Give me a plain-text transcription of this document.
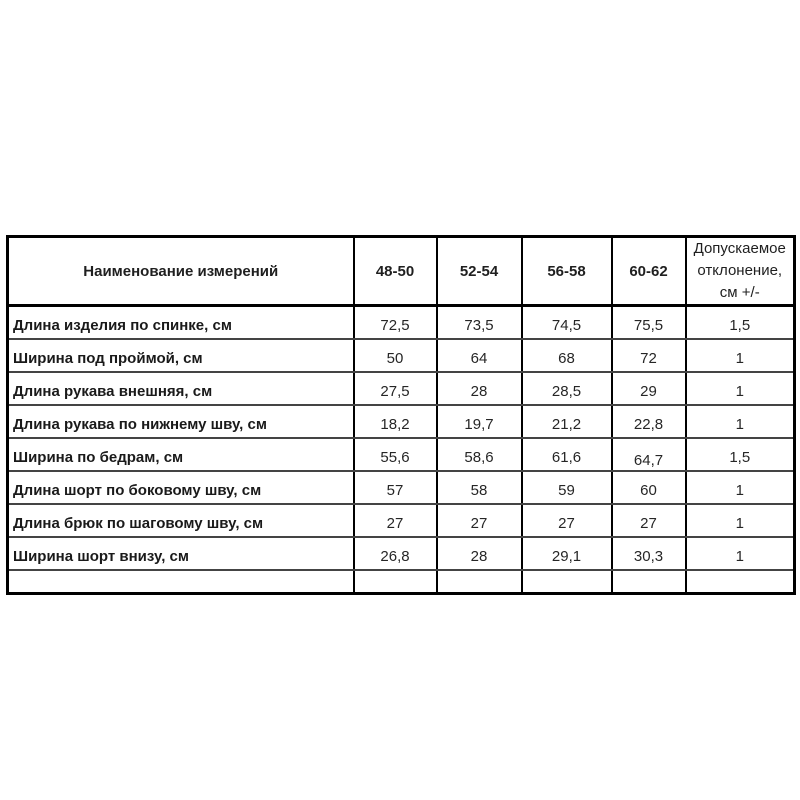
Наименование измерений	48-50	52-54	56-58	60-62	Допускаемое отклонение, см +/-
Длина изделия по спинке, см	72,5	73,5	74,5	75,5	1,5
Ширина под проймой, см	50	64	68	72	1
Длина рукава внешняя, см	27,5	28	28,5	29	1
Длина рукава по нижнему шву, см	18,2	19,7	21,2	22,8	1
Ширина по бедрам, см	55,6	58,6	61,6	64,7	1,5
Длина шорт по боковому шву, см	57	58	59	60	1
Длина брюк по шаговому шву, см	27	27	27	27	1
Ширина шорт внизу, см	26,8	28	29,1	30,3	1
